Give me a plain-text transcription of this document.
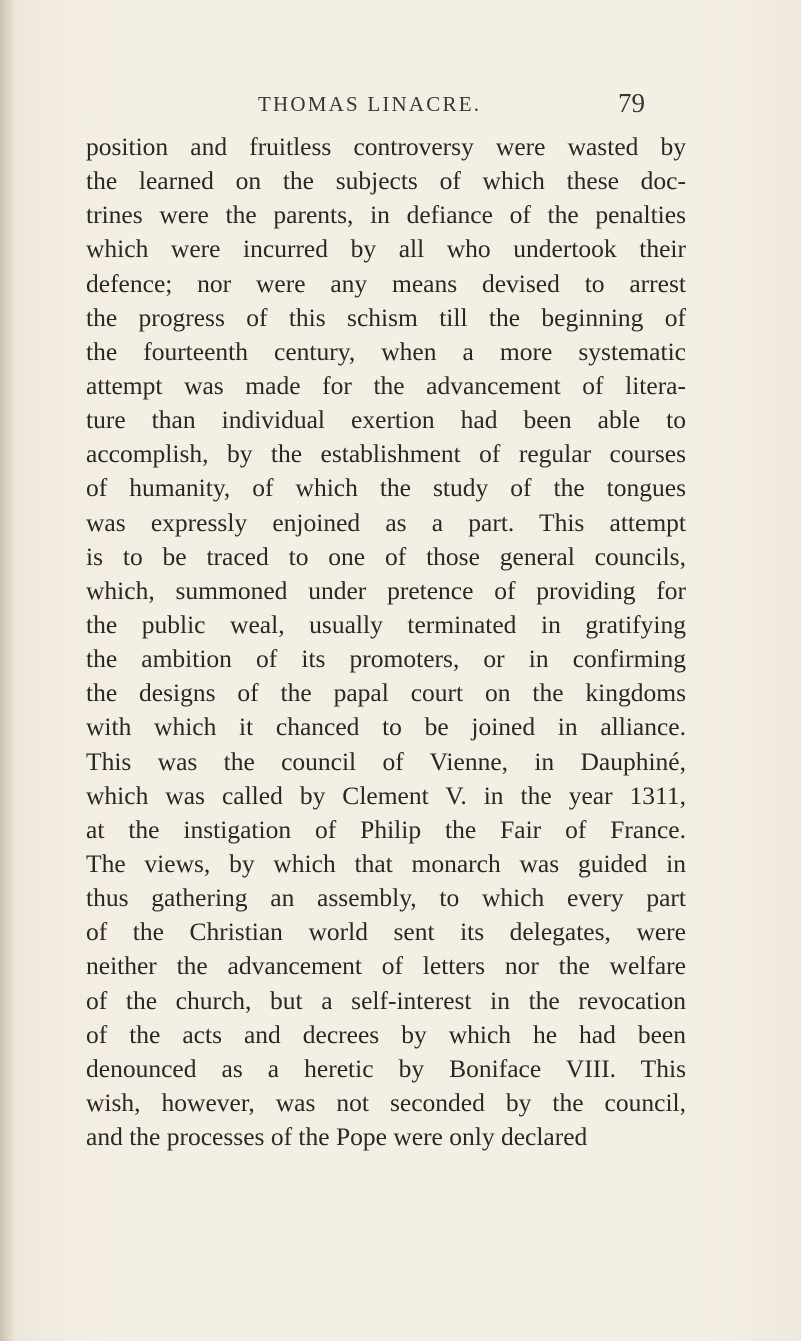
THOMAS LINACRE.	79
position and fruitless controversy were wasted by
the learned on the subjects of which these doc-
trines were the parents, in defiance of the penalties
which were incurred by all who undertook their
defence; nor were any means devised to arrest
the progress of this schism till the beginning of
the fourteenth century, when a more systematic
attempt was made for the advancement of litera-
ture than individual exertion had been able to
accomplish, by the establishment of regular courses
of humanity, of which the study of the tongues
was expressly enjoined as a part. This attempt
is to be traced to one of those general councils,
which, summoned under pretence of providing for
the public weal, usually terminated in gratifying
the ambition of its promoters, or in confirming
the designs of the papal court on the kingdoms
with which it chanced to be joined in alliance.
This was the council of Vienne, in Dauphiné,
which was called by Clement V. in the year 1311,
at the instigation of Philip the Fair of France.
The views, by which that monarch was guided in
thus gathering an assembly, to which every part
of the Christian world sent its delegates, were
neither the advancement of letters nor the welfare
of the church, but a self-interest in the revocation
of the acts and decrees by which he had been
denounced as a heretic by Boniface VIII. This
wish, however, was not seconded by the council,
and the processes of the Pope were only declared
